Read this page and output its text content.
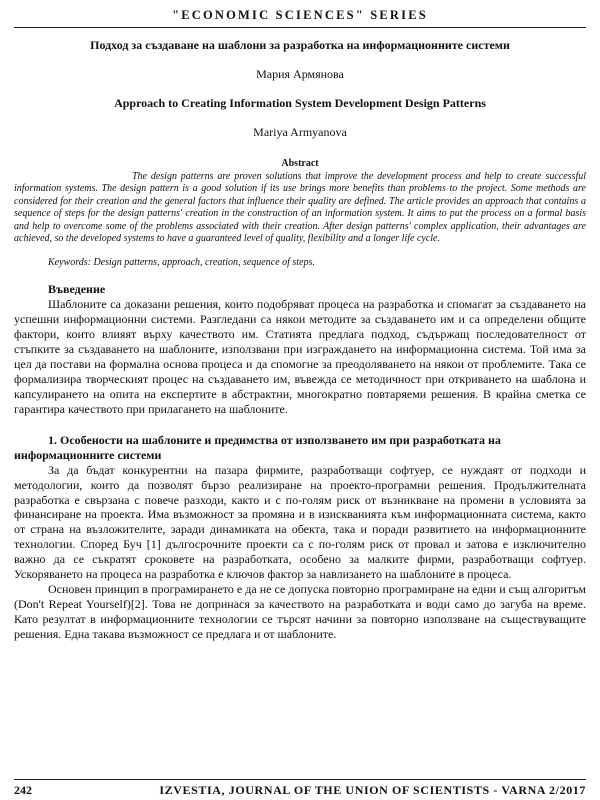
"ECONOMIC SCIENCES" SERIES
Подход за създаване на шаблони за разработка на информационните системи
Мария Армянова
Approach to Creating Information System Development Design Patterns
Mariya Armyanova
Abstract

The design patterns are proven solutions that improve the development process and help to create successful information systems. The design pattern is a good solution if its use brings more benefits than problems to the project. Some methods are considered for their creation and the general factors that influence their quality are defined. The article provides an approach that contains a sequence of steps for the design patterns' creation in the construction of an information system. It aims to put the process on a formal basis and help to overcome some of the problems associated with their creation. After design patterns' complex application, their advantages are achieved, so the developed systems to have a guaranteed level of quality, flexibility and a longer life cycle.

Keywords: Design patterns, approach, creation, sequence of steps.
Въведение

Шаблоните са доказани решения, които подобряват процеса на разработка и спомагат за създаването на успешни информационни системи. Разгледани са някои методите за създаването им и са определени общите фактори, които влияят върху качеството им. Статията предлага подход, съдържащ последователност от стъпките за създаването на шаблоните, използвани при изграждането на информационна система. Той има за цел да постави на формална основа процеса и да спомогне за преодоляването на някои от проблемите. Така се формализира творческият процес на създаването им, въвежда се методичност при откриването на шаблона и капсулирането на опита на експертите в абстрактни, многократно повтаряеми решения. В крайна сметка се гарантира качеството при прилагането на шаблоните.

1. Особености на шаблоните и предимства от използването им при разработката на информационните системи

За да бъдат конкурентни на пазара фирмите, разработващи софтуер, се нуждаят от подходи и методологии, които да позволят бързо реализиране на проекто-програмни решения. Продължителната разработка е свързана с повече разходи, както и с по-голям риск от възникване на промени в условията за финансиране на проекта. Има възможност за промяна и в изискванията към информационната система, както от страна на възложителите, заради динамиката на обекта, така и поради развитието на информационните технологии. Според Буч [1] дългосрочните проекти са с по-голям риск от провал и затова е изключително важно да се съкратят сроковете на разработката, особено за малките фирми, разработващи софтуер. Ускоряването на процеса на разработка е ключов фактор за навлизането на шаблоните в процеса.

Основен принцип в програмирането е да не се допуска повторно програмиране на едни и същ алгоритъм (Don't Repeat Yourself)[2]. Това не допринася за качеството на разработката и води само до загуба на време. Като резултат в информационните технологии се търсят начини за повторно използване на съществуващите решения. Една такава възможност се предлага и от шаблоните.

242	IZVESTIA, JOURNAL OF THE UNION OF SCIENTISTS - VARNA 2/2017
